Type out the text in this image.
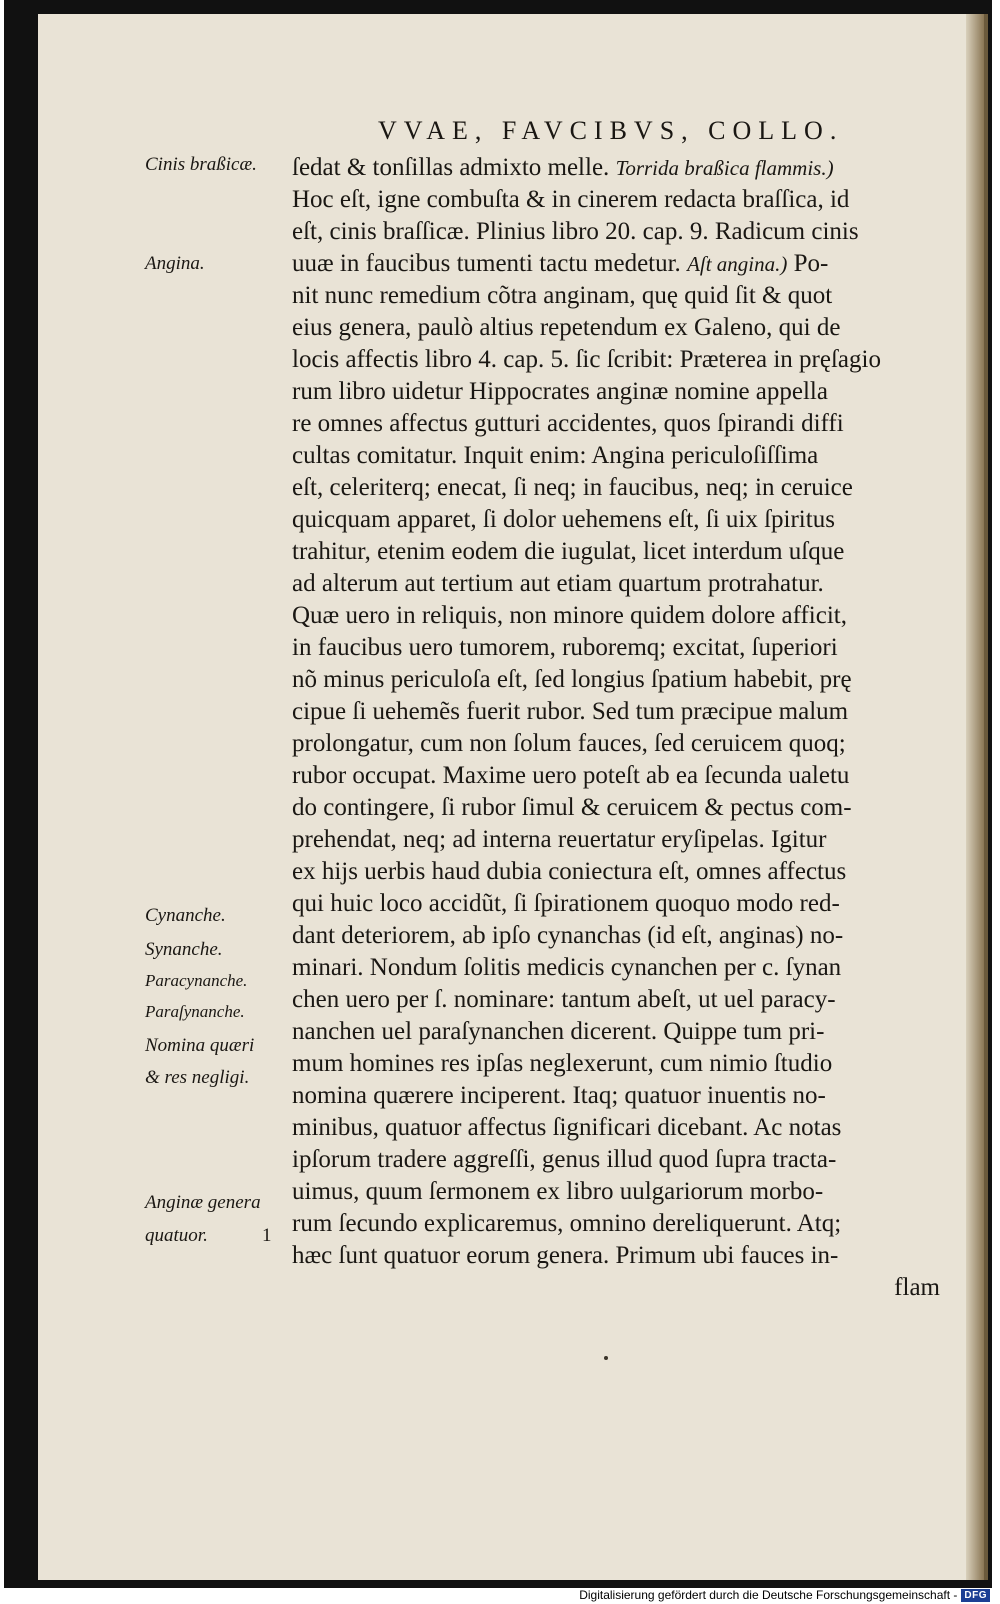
VVAE, FAVCIBVS, COLLO.
Cinis braßicæ.
Angina.
Cynanche.
Synanche.
Paracynanche.
Paraſynanche.
Nomina quæri
& res negligi.
Anginæ genera
quatuor.	1
ſedat & tonſillas admixto melle. Torrida braßica flammis.)
Hoc eſt, igne combuſta & in cinerem redacta braſſica, id
eſt, cinis braſſicæ. Plinius libro 20. cap. 9. Radicum cinis
uuæ in faucibus tumenti tactu medetur. Aſt angina.) Po-
nit nunc remedium cõtra anginam, quę quid ſit & quot
eius genera, paulò altius repetendum ex Galeno, qui de
locis affectis libro 4. cap. 5. ſic ſcribit: Præterea in pręſagio
rum libro uidetur Hippocrates anginæ nomine appella
re omnes affectus gutturi accidentes, quos ſpirandi diffi
cultas comitatur. Inquit enim: Angina periculoſiſſima
eſt, celeriterq; enecat, ſi neq; in faucibus, neq; in ceruice
quicquam apparet, ſi dolor uehemens eſt, ſi uix ſpiritus
trahitur, etenim eodem die iugulat, licet interdum uſque
ad alterum aut tertium aut etiam quartum protrahatur.
Quæ uero in reliquis, non minore quidem dolore afficit,
in faucibus uero tumorem, ruboremq; excitat, ſuperiori
nõ minus periculoſa eſt, ſed longius ſpatium habebit, prę
cipue ſi uehemẽs fuerit rubor. Sed tum præcipue malum
prolongatur, cum non ſolum fauces, ſed ceruicem quoq;
rubor occupat. Maxime uero poteſt ab ea ſecunda ualetu
do contingere, ſi rubor ſimul & ceruicem & pectus com-
prehendat, neq; ad interna reuertatur eryſipelas. Igitur
ex hijs uerbis haud dubia coniectura eſt, omnes affectus
qui huic loco accidũt, ſi ſpirationem quoquo modo red-
dant deteriorem, ab ipſo cynanchas (id eſt, anginas) no-
minari. Nondum ſolitis medicis cynanchen per c. ſynan
chen uero per ſ. nominare: tantum abeſt, ut uel paracy-
nanchen uel paraſynanchen dicerent. Quippe tum pri-
mum homines res ipſas neglexerunt, cum nimio ſtudio
nomina quærere inciperent. Itaq; quatuor inuentis no-
minibus, quatuor affectus ſignificari dicebant. Ac notas
ipſorum tradere aggreſſi, genus illud quod ſupra tracta-
uimus, quum ſermonem ex libro uulgariorum morbo-
rum ſecundo explicaremus, omnino dereliquerunt. Atq;
hæc ſunt quatuor eorum genera. Primum ubi fauces in-
flam
Digitalisierung gefördert durch die Deutsche Forschungsgemeinschaft - DFG
